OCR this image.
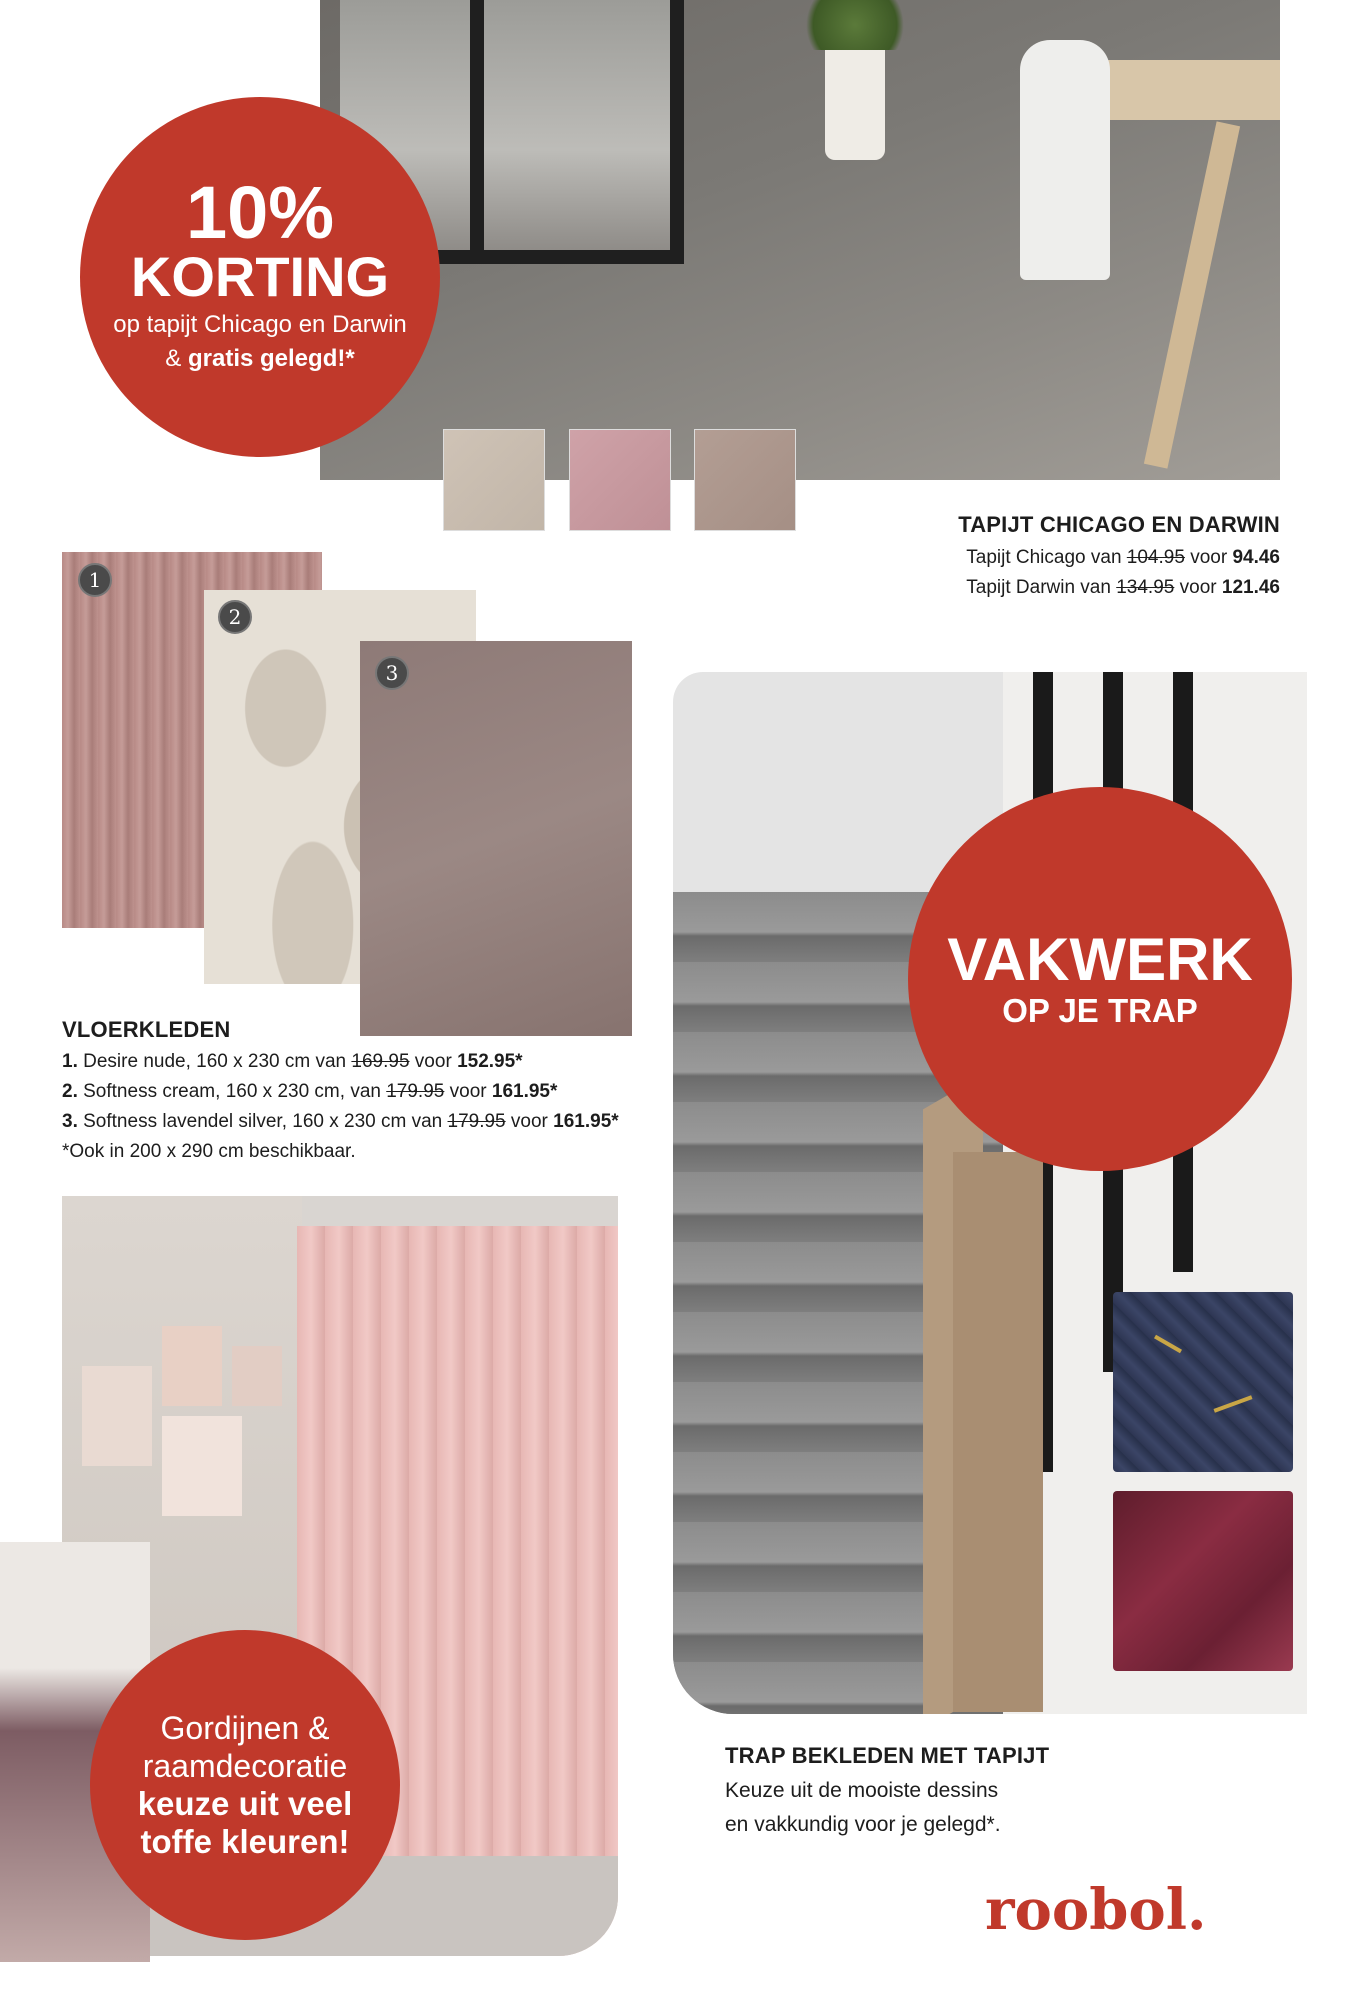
10%
KORTING
op tapijt Chicago en Darwin
& gratis gelegd!*
TAPIJT CHICAGO EN DARWIN
Tapijt Chicago van 104.95 voor 94.46
Tapijt Darwin van 134.95 voor 121.46
1
2
3
VLOERKLEDEN
1. Desire nude, 160 x 230 cm van 169.95 voor 152.95*
2. Softness cream, 160 x 230 cm, van 179.95 voor 161.95*
3. Softness lavendel silver, 160 x 230 cm van 179.95 voor 161.95*
*Ook in 200 x 290 cm beschikbaar.
Gordijnen &
raamdecoratie
keuze uit veel
toffe kleuren!
VAKWERK
OP JE TRAP
TRAP BEKLEDEN MET TAPIJT
Keuze uit de mooiste dessins
en vakkundig voor je gelegd*.
roobol.
